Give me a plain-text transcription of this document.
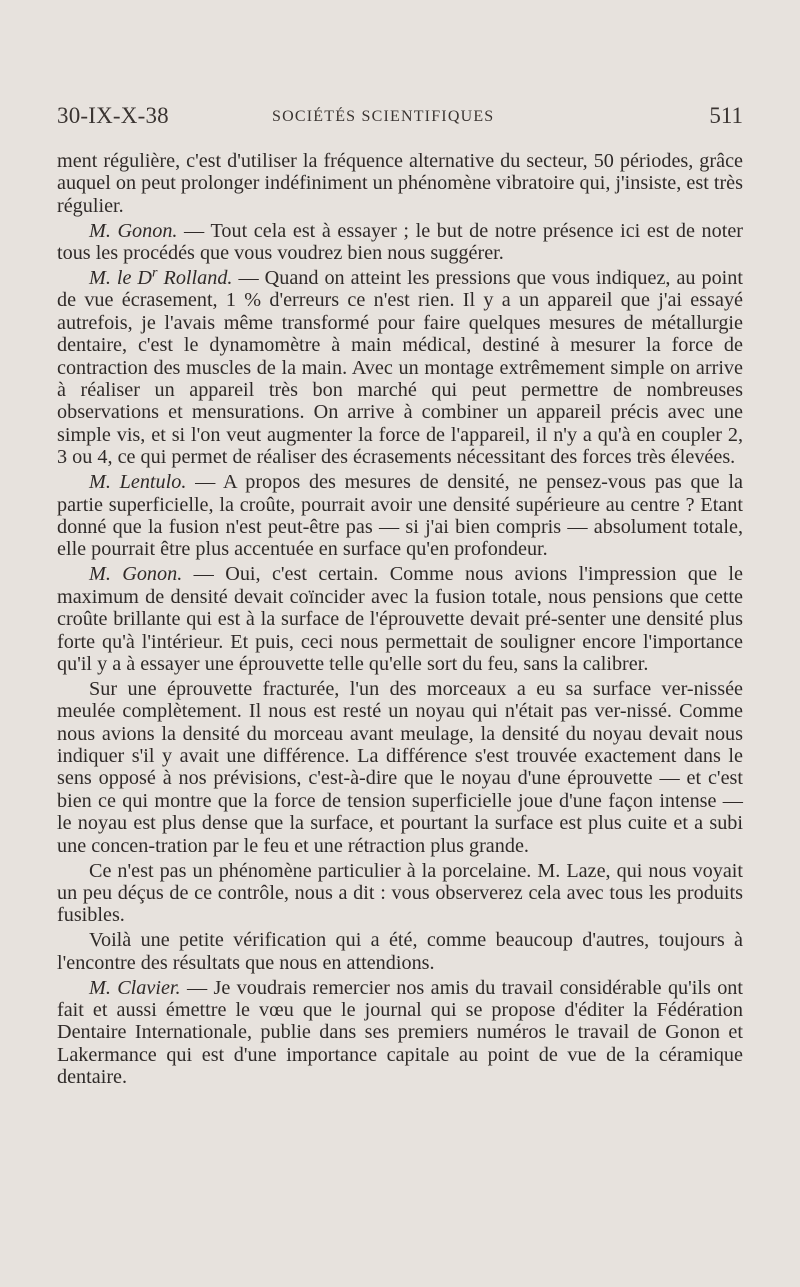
30-IX-X-38	SOCIÉTÉS SCIENTIFIQUES	511

ment régulière, c'est d'utiliser la fréquence alternative du secteur, 50 périodes, grâce auquel on peut prolonger indéfiniment un phénomène vibratoire qui, j'insiste, est très régulier.

M. Gonon. — Tout cela est à essayer ; le but de notre présence ici est de noter tous les procédés que vous voudrez bien nous suggérer.

M. le $D^r$ Rolland. — Quand on atteint les pressions que vous indiquez, au point de vue écrasement, 1 % d'erreurs ce n'est rien. Il y a un appareil que j'ai essayé autrefois, je l'avais même transformé pour faire quelques mesures de métallurgie dentaire, c'est le dynamomètre à main médical, destiné à mesurer la force de contraction des muscles de la main. Avec un montage extrêmement simple on arrive à réaliser un appareil très bon marché qui peut permettre de nombreuses observations et mensurations. On arrive à combiner un appareil précis avec une simple vis, et si l'on veut augmenter la force de l'appareil, il n'y a qu'à en coupler 2, 3 ou 4, ce qui permet de réaliser des écrasements nécessitant des forces très élevées.

M. Lentulo. — A propos des mesures de densité, ne pensez-vous pas que la partie superficielle, la croûte, pourrait avoir une densité supérieure au centre ? Etant donné que la fusion n'est peut-être pas — si j'ai bien compris — absolument totale, elle pourrait être plus accentuée en surface qu'en profondeur.

M. Gonon. — Oui, c'est certain. Comme nous avions l'impression que le maximum de densité devait coïncider avec la fusion totale, nous pensions que cette croûte brillante qui est à la surface de l'éprouvette devait pré-senter une densité plus forte qu'à l'intérieur. Et puis, ceci nous permettait de souligner encore l'importance qu'il y a à essayer une éprouvette telle qu'elle sort du feu, sans la calibrer.

Sur une éprouvette fracturée, l'un des morceaux a eu sa surface ver-nissée meulée complètement. Il nous est resté un noyau qui n'était pas ver-nissé. Comme nous avions la densité du morceau avant meulage, la densité du noyau devait nous indiquer s'il y avait une différence. La différence s'est trouvée exactement dans le sens opposé à nos prévisions, c'est-à-dire que le noyau d'une éprouvette — et c'est bien ce qui montre que la force de tension superficielle joue d'une façon intense — le noyau est plus dense que la surface, et pourtant la surface est plus cuite et a subi une concen-tration par le feu et une rétraction plus grande.

Ce n'est pas un phénomène particulier à la porcelaine. M. Laze, qui nous voyait un peu déçus de ce contrôle, nous a dit : vous observerez cela avec tous les produits fusibles.

Voilà une petite vérification qui a été, comme beaucoup d'autres, toujours à l'encontre des résultats que nous en attendions.

M. Clavier. — Je voudrais remercier nos amis du travail considérable qu'ils ont fait et aussi émettre le vœu que le journal qui se propose d'éditer la Fédération Dentaire Internationale, publie dans ses premiers numéros le travail de Gonon et Lakermance qui est d'une importance capitale au point de vue de la céramique dentaire.
